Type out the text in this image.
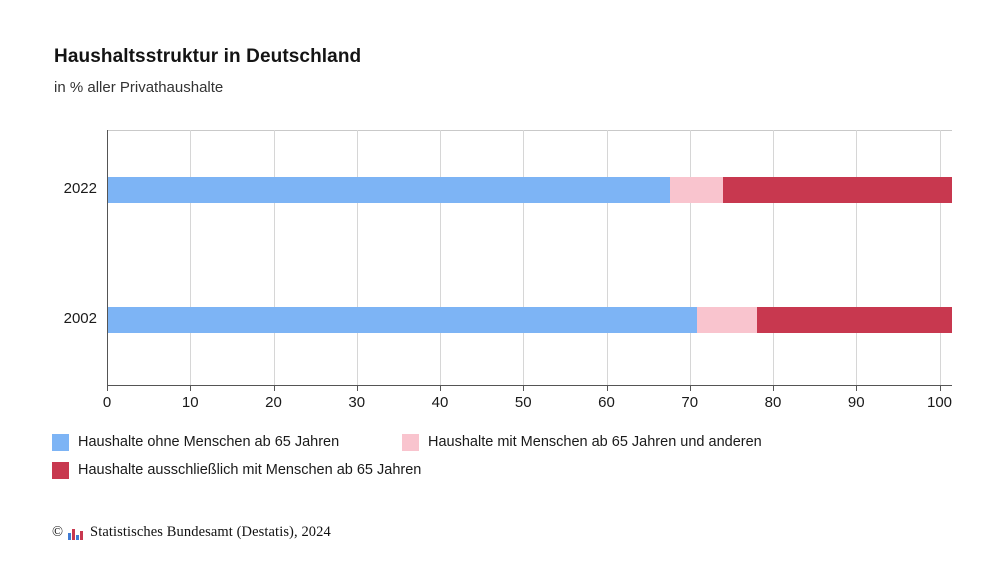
Haushaltsstruktur in Deutschland
in % aller Privathaushalte
2022
2002
0	10	20	30	40	50	60	70	80	90	100
Haushalte ohne Menschen ab 65 Jahren	Haushalte mit Menschen ab 65 Jahren und anderen
Haushalte ausschließlich mit Menschen ab 65 Jahren
© Statistisches Bundesamt (Destatis), 2024
